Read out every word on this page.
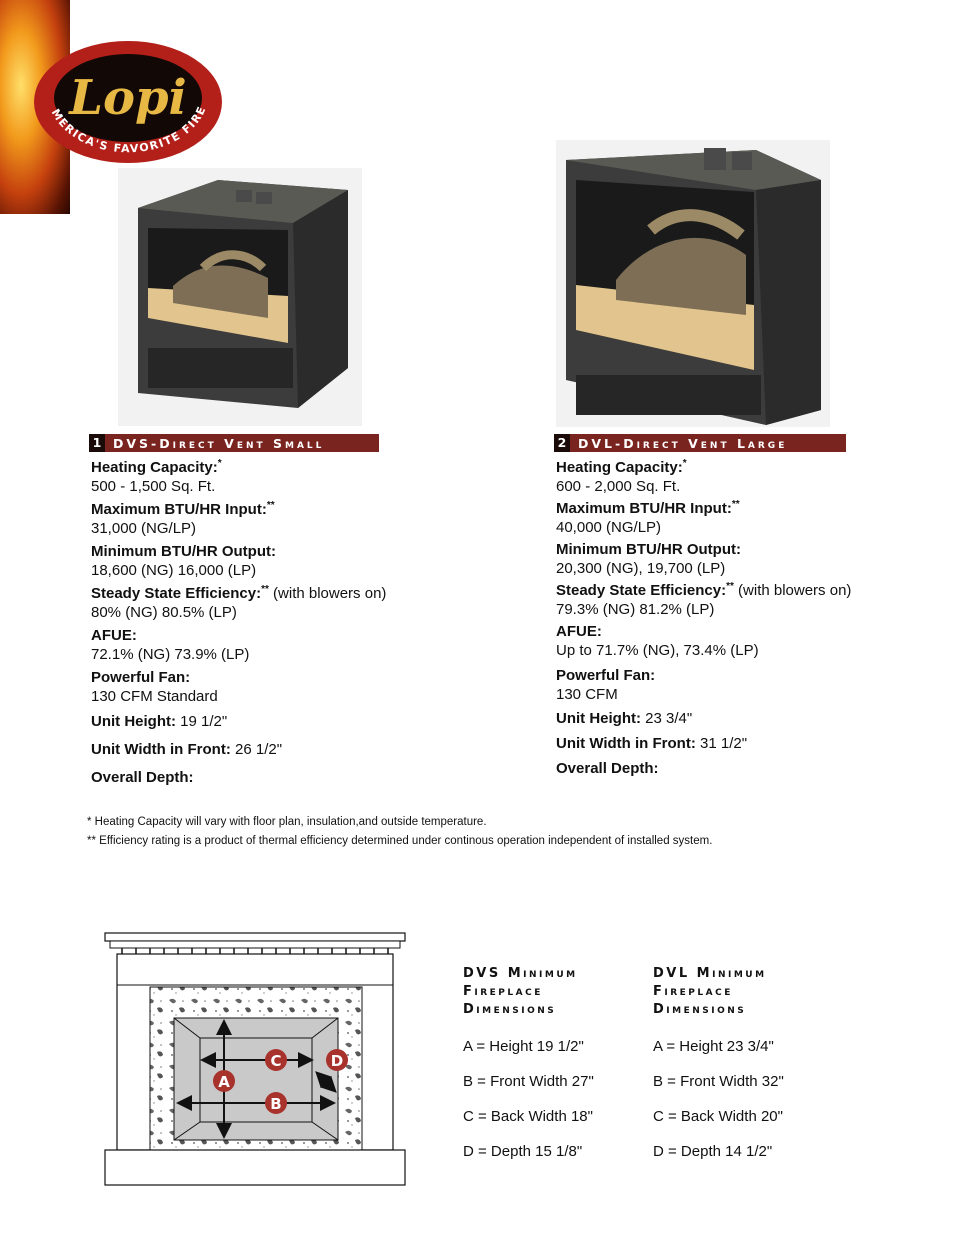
MERICA'S FAVORITE FIRE
Lopi
1 DVS-Direct Vent Small
Heating Capacity:*
500 - 1,500 Sq. Ft.
Maximum BTU/HR Input:**
31,000 (NG/LP)
Minimum BTU/HR Output:
18,600 (NG) 16,000 (LP)
Steady State Efficiency:** (with blowers on)
80% (NG) 80.5% (LP)
AFUE:
72.1% (NG) 73.9% (LP)
Powerful Fan:
130 CFM Standard
Unit Height: 19 1/2"
Unit Width in Front: 26 1/2"
Overall Depth:
2 DVL-Direct Vent Large
Heating Capacity:*
600 - 2,000 Sq. Ft.
Maximum BTU/HR Input:**
40,000 (NG/LP)
Minimum BTU/HR Output:
20,300 (NG), 19,700 (LP)
Steady State Efficiency:** (with blowers on)
79.3% (NG) 81.2% (LP)
AFUE:
Up to 71.7% (NG), 73.4% (LP)
Powerful Fan:
130 CFM
Unit Height: 23 3/4"
Unit Width in Front: 31 1/2"
Overall Depth:
* Heating Capacity will vary with floor plan, insulation,and outside temperature.
** Efficiency rating is a product of thermal efficiency determined under continous operation independent of installed system.
A
C
B
D
DVS Minimum Fireplace Dimensions
A = Height 19 1/2"
B = Front Width 27"
C = Back Width 18"
D = Depth 15 1/8"
DVL Minimum Fireplace Dimensions
A = Height 23 3/4"
B = Front Width 32"
C = Back Width 20"
D = Depth 14 1/2"
